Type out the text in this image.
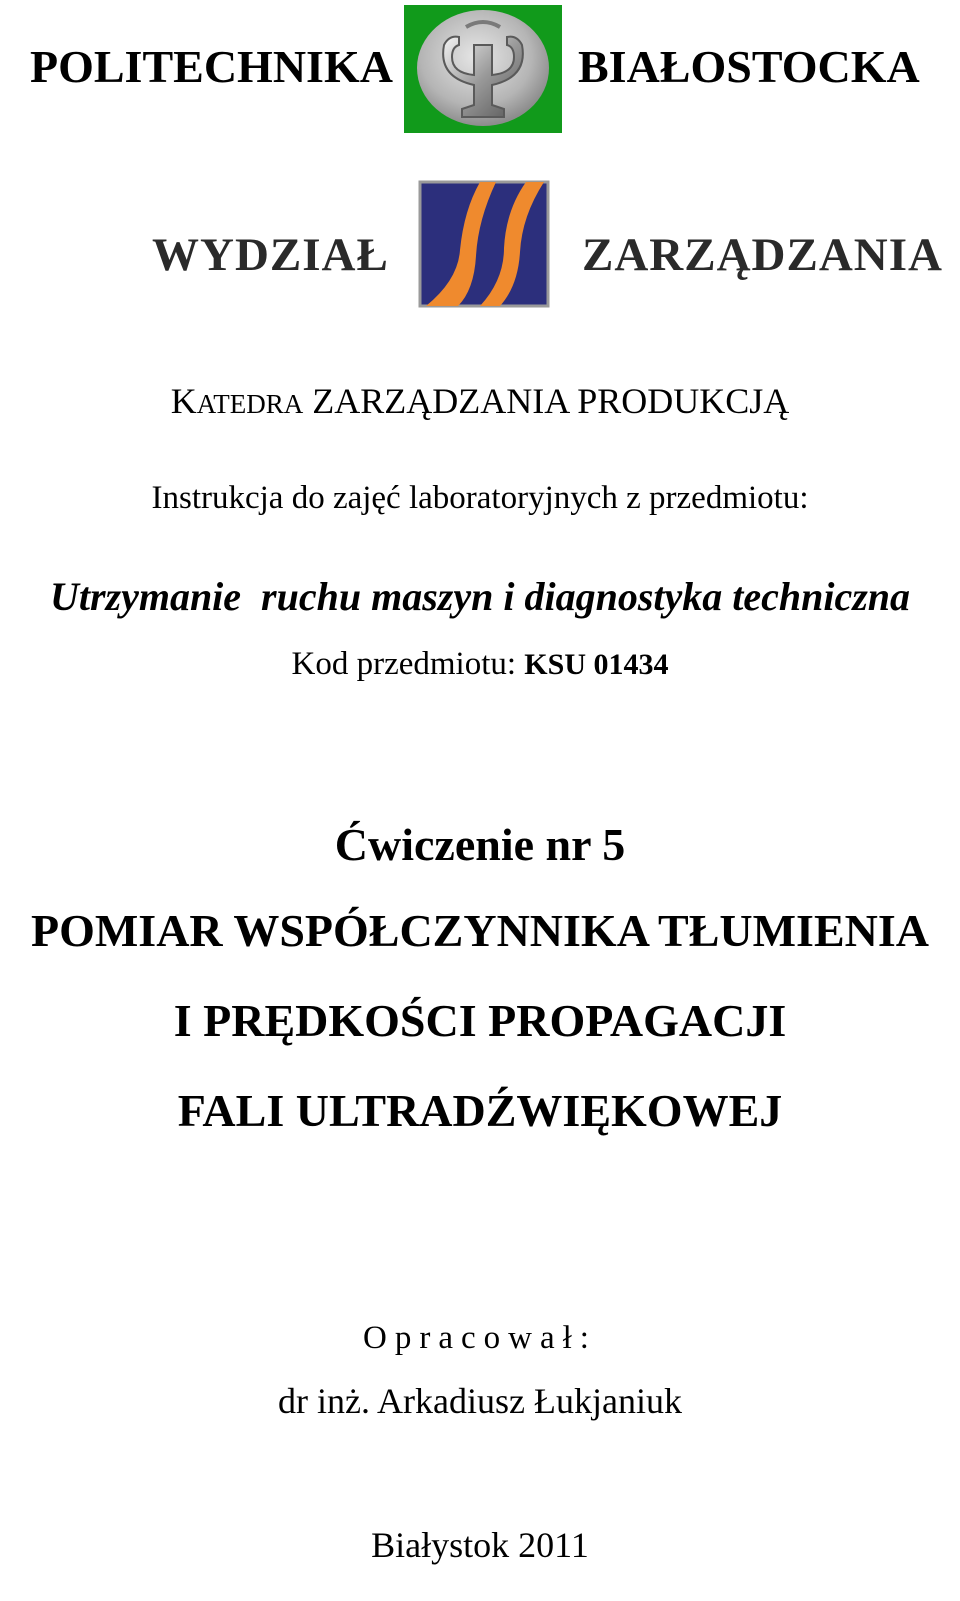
POLITECHNIKA	BIAŁOSTOCKA
WYDZIAŁ	ZARZĄDZANIA
KATEDRA ZARZĄDZANIA PRODUKCJĄ
Instrukcja do zajęć laboratoryjnych z przedmiotu:
Utrzymanie  ruchu maszyn i diagnostyka techniczna
Kod przedmiotu: KSU 01434
Ćwiczenie nr 5
POMIAR WSPÓŁCZYNNIKA TŁUMIENIA
I PRĘDKOŚCI PROPAGACJI
FALI ULTRADŹWIĘKOWEJ
Opracował:
dr inż. Arkadiusz Łukjaniuk
Białystok 2011
